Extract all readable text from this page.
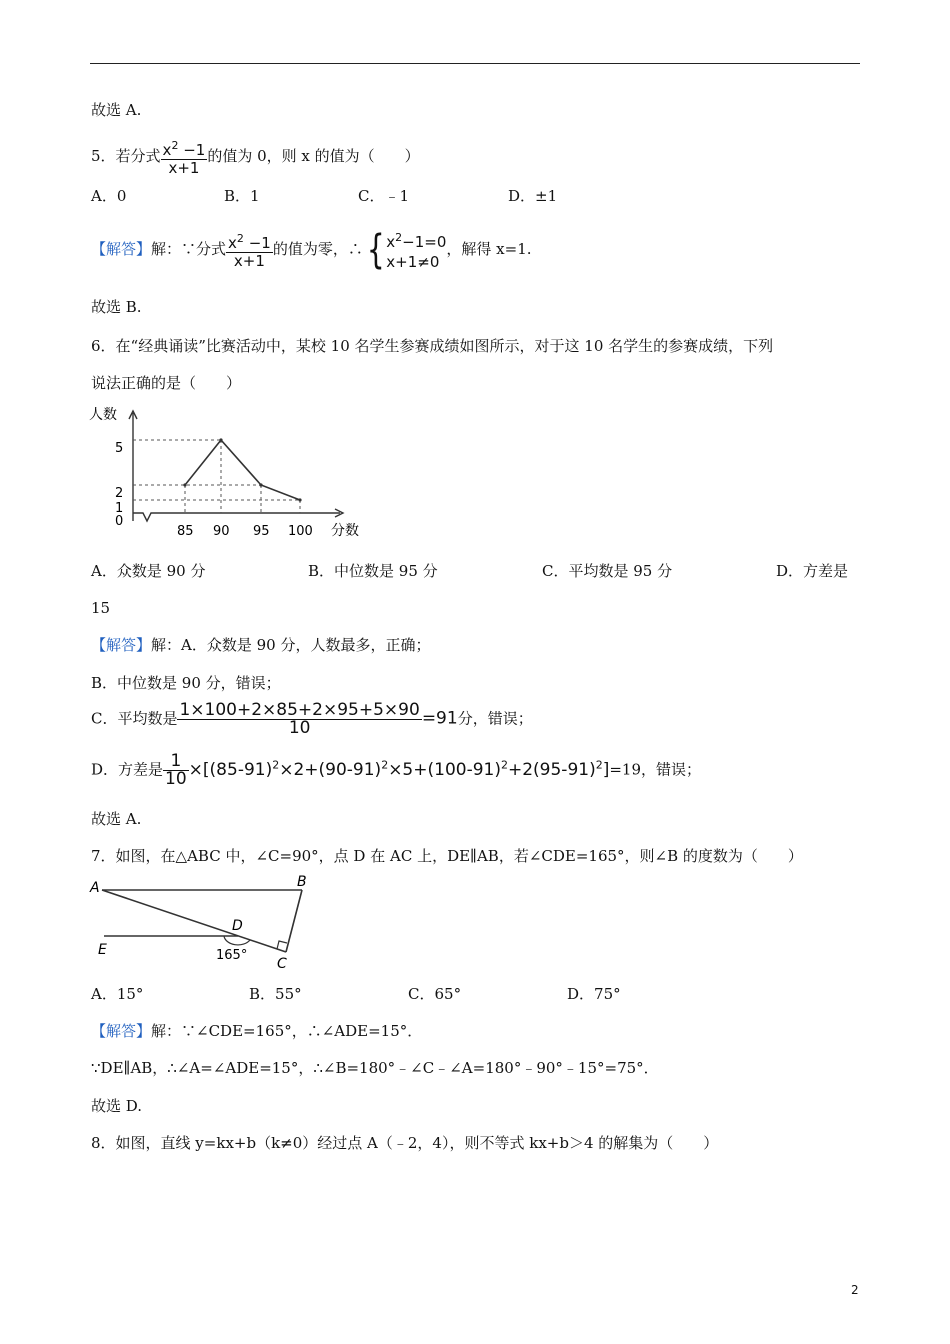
故选 A.
5．若分式 $\frac{x^2 -1}{x+1}$ 的值为 0，则 x 的值为（　　）
A．0	B．1	C．﹣1	D．±1
【解答】解：∵分式 $\frac{x^2 -1}{x+1}$ 的值为零，∴{ $x^2-1=0$
x+1≠0
，解得 x=1.
故选 B.
6．在“经典诵读”比赛活动中，某校 10 名学生参赛成绩如图所示，对于这 10 名学生的参赛成绩，下列
说法正确的是（　　）
人数
分数
0
1
2
5
85 90 95 100
A．众数是 90 分	B．中位数是 95 分	C．平均数是 95 分	D．方差是
15
【解答】解：A．众数是 90 分，人数最多，正确；
B．中位数是 90 分，错误；
C．平均数是 $\frac{1\times 100+2\times 85+2\times 95+5\times 90}{10} =91$分，错误；
D．方差是 $\frac{1}{10} \times[(85-91)^2\times 2+(90-91)^2\times 5+(100-91)^2+2(95-91)^2]=19$，错误；
故选 A.
7．如图，在△ABC 中，∠C=90°，点 D 在 AC 上，DE∥AB，若∠CDE=165°，则∠B 的度数为（　　）
A	B
D
E
C
165°
A．15°	B．55°	C．65°	D．75°
【解答】解：∵∠CDE=165°，∴∠ADE=15°．
∵DE∥AB，∴∠A=∠ADE=15°，∴∠B=180°﹣∠C﹣∠A=180°﹣90°﹣15°=75°．
故选 D.
8．如图，直线 y=kx+b（k≠0）经过点 A（﹣2，4），则不等式 kx+b＞4 的解集为（　　）
2
